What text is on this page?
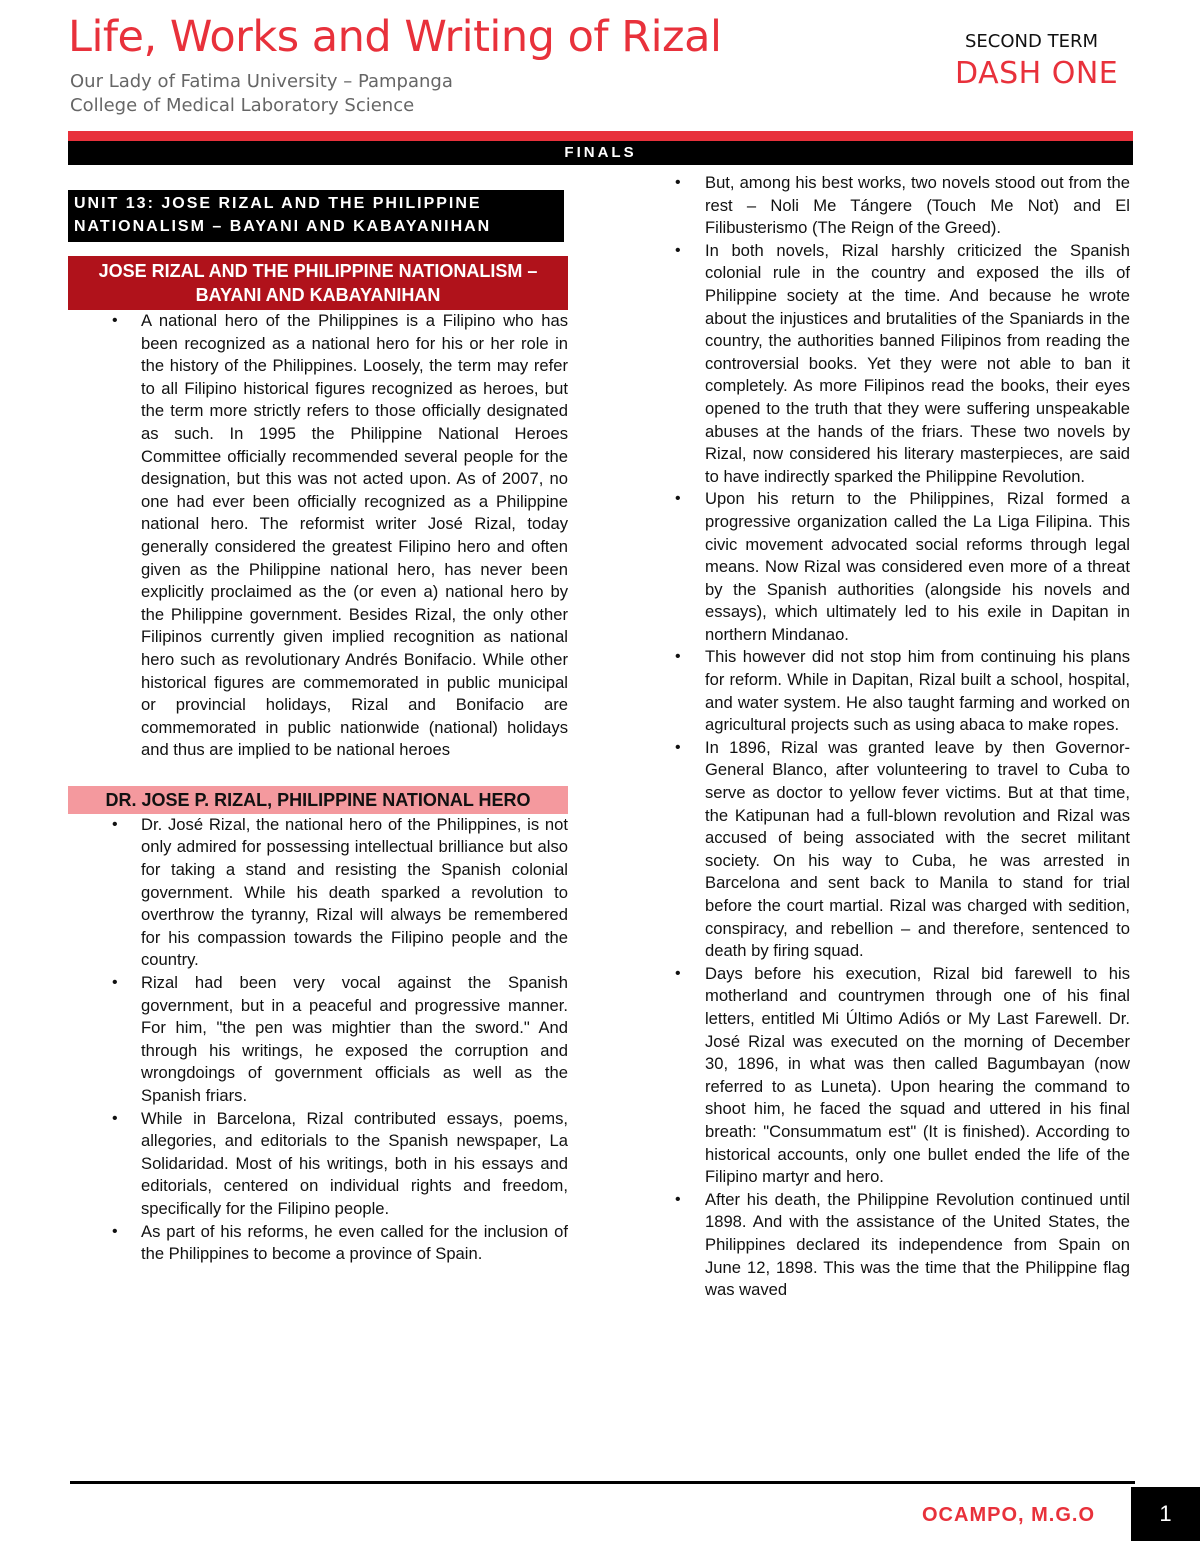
Life, Works and Writing of Rizal
Our Lady of Fatima University – Pampanga
College of Medical Laboratory Science
SECOND TERM
DASH ONE
FINALS
UNIT 13: JOSE RIZAL AND THE PHILIPPINE NATIONALISM – BAYANI AND KABAYANIHAN
JOSE RIZAL AND THE PHILIPPINE NATIONALISM – BAYANI AND KABAYANIHAN
• A national hero of the Philippines is a Filipino who has been recognized as a national hero for his or her role in the history of the Philippines. Loosely, the term may refer to all Filipino historical figures recognized as heroes, but the term more strictly refers to those officially designated as such. In 1995 the Philippine National Heroes Committee officially recommended several people for the designation, but this was not acted upon. As of 2007, no one had ever been officially recognized as a Philippine national hero. The reformist writer José Rizal, today generally considered the greatest Filipino hero and often given as the Philippine national hero, has never been explicitly proclaimed as the (or even a) national hero by the Philippine government. Besides Rizal, the only other Filipinos currently given implied recognition as national hero such as revolutionary Andrés Bonifacio. While other historical figures are commemorated in public municipal or provincial holidays, Rizal and Bonifacio are commemorated in public nationwide (national) holidays and thus are implied to be national heroes
DR. JOSE P. RIZAL, PHILIPPINE NATIONAL HERO
• Dr. José Rizal, the national hero of the Philippines, is not only admired for possessing intellectual brilliance but also for taking a stand and resisting the Spanish colonial government. While his death sparked a revolution to overthrow the tyranny, Rizal will always be remembered for his compassion towards the Filipino people and the country.
• Rizal had been very vocal against the Spanish government, but in a peaceful and progressive manner. For him, "the pen was mightier than the sword." And through his writings, he exposed the corruption and wrongdoings of government officials as well as the Spanish friars.
• While in Barcelona, Rizal contributed essays, poems, allegories, and editorials to the Spanish newspaper, La Solidaridad. Most of his writings, both in his essays and editorials, centered on individual rights and freedom, specifically for the Filipino people.
• As part of his reforms, he even called for the inclusion of the Philippines to become a province of Spain.
• But, among his best works, two novels stood out from the rest – Noli Me Tángere (Touch Me Not) and El Filibusterismo (The Reign of the Greed).
• In both novels, Rizal harshly criticized the Spanish colonial rule in the country and exposed the ills of Philippine society at the time. And because he wrote about the injustices and brutalities of the Spaniards in the country, the authorities banned Filipinos from reading the controversial books. Yet they were not able to ban it completely. As more Filipinos read the books, their eyes opened to the truth that they were suffering unspeakable abuses at the hands of the friars. These two novels by Rizal, now considered his literary masterpieces, are said to have indirectly sparked the Philippine Revolution.
• Upon his return to the Philippines, Rizal formed a progressive organization called the La Liga Filipina. This civic movement advocated social reforms through legal means. Now Rizal was considered even more of a threat by the Spanish authorities (alongside his novels and essays), which ultimately led to his exile in Dapitan in northern Mindanao.
• This however did not stop him from continuing his plans for reform. While in Dapitan, Rizal built a school, hospital, and water system. He also taught farming and worked on agricultural projects such as using abaca to make ropes.
• In 1896, Rizal was granted leave by then Governor-General Blanco, after volunteering to travel to Cuba to serve as doctor to yellow fever victims. But at that time, the Katipunan had a full-blown revolution and Rizal was accused of being associated with the secret militant society. On his way to Cuba, he was arrested in Barcelona and sent back to Manila to stand for trial before the court martial. Rizal was charged with sedition, conspiracy, and rebellion – and therefore, sentenced to death by firing squad.
• Days before his execution, Rizal bid farewell to his motherland and countrymen through one of his final letters, entitled Mi Último Adiós or My Last Farewell. Dr. José Rizal was executed on the morning of December 30, 1896, in what was then called Bagumbayan (now referred to as Luneta). Upon hearing the command to shoot him, he faced the squad and uttered in his final breath: "Consummatum est" (It is finished). According to historical accounts, only one bullet ended the life of the Filipino martyr and hero.
• After his death, the Philippine Revolution continued until 1898. And with the assistance of the United States, the Philippines declared its independence from Spain on June 12, 1898. This was the time that the Philippine flag was waved
OCAMPO, M.G.O	1
